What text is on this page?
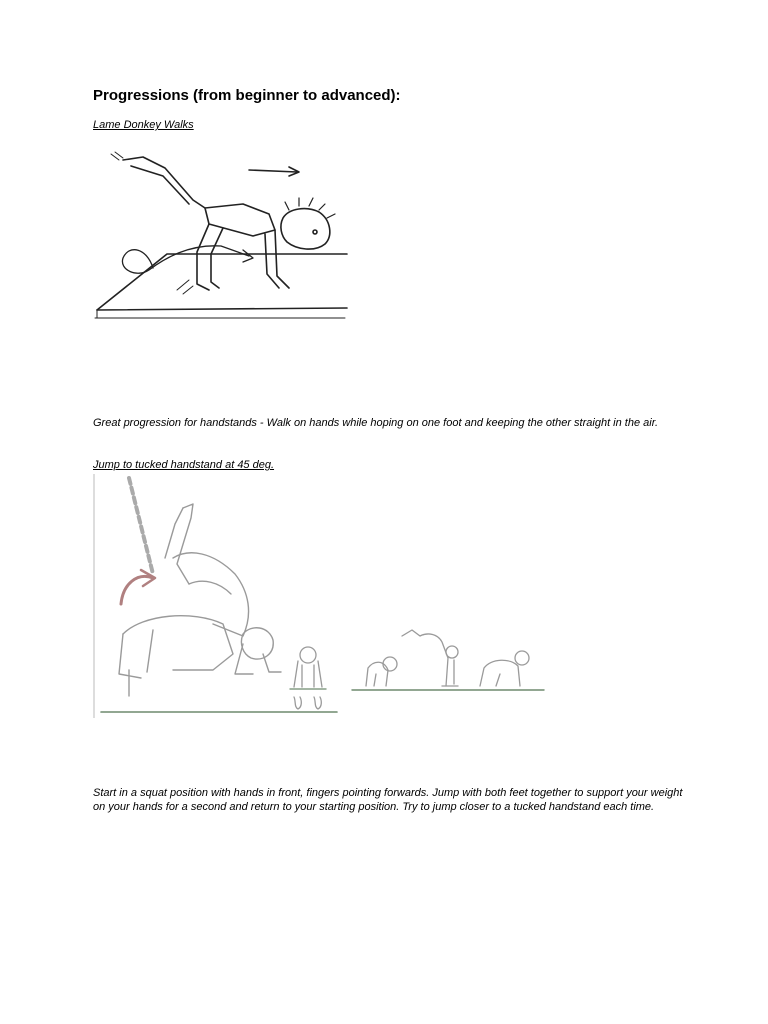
Progressions (from beginner to advanced):

Lame Donkey Walks

Great progression for handstands - Walk on hands while hoping on one foot and keeping the other straight in the air.

Jump to tucked handstand at 45 deg.

Start in a squat position with hands in front, fingers pointing forwards. Jump with both feet together to support your weight on your hands for a second and return to your starting position. Try to jump closer to a tucked handstand each time.
